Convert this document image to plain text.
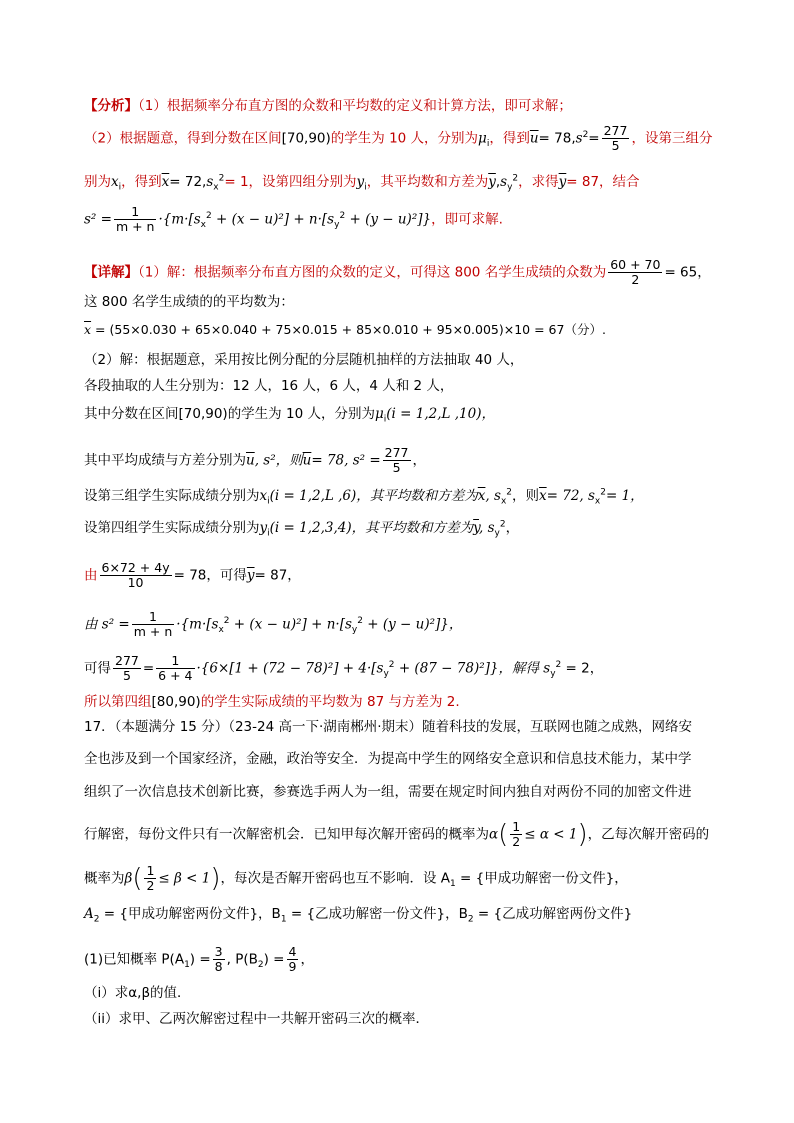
【分析】（1）根据频率分布直方图的众数和平均数的定义和计算方法，即可求解；
（2）根据题意，得到分数在区间[70,90)的学生为 10 人，分别为$\mu_i$，得到$\overline{u}= 78,s^2= \frac{277}{5}$ ，设第三组分
别为$x_i$，得到$\overline{x}= 72,s_x^2= 1$，设第四组分别为$y_i$，其平均数和方差为$\overline{y},s_y^2$，求得$\overline{y}= 87$，结合
$s^2 = \frac{1}{m + n} \cdot\{m\cdot[s_x^2 + (x - u)^2] + n\cdot[s_y^2 + (y - u)^2]\}$，即可求解.
【详解】（1）解：根据频率分布直方图的众数的定义，可得这 800 名学生成绩的众数为 $\frac{60 + 70}{2} = 65$，
这 800 名学生成绩的的平均数为：
$\overline{x} = (55\times 0.030 + 65\times 0.040 + 75\times 0.015 + 85\times 0.010 + 95\times 0.005)\times 10 = 67$（分）.
（2）解：根据题意，采用按比例分配的分层随机抽样的方法抽取 40 人，
各段抽取的人生分别为：12 人，16 人，6 人，4 人和 2 人，
其中分数在区间[70,90)的学生为 10 人，分别为$\mu_i(i = 1,2,L$ ,10)，
其中平均成绩与方差分别为$\overline{u}$, s²，则$\overline{u}= 78$, $s^2 = \frac{277}{5}$ ，
设第三组学生实际成绩分别为$x_i(i = 1,2,L$ ,6)，其平均数和方差为$\overline{x}$, $s_x^2$，则$\overline{x}= 72$, $s_x^2= 1$，
设第四组学生实际成绩分别为$y_i(i = 1,2,3,4)$，其平均数和方差为$\overline{y}$, $s_y^2$，
由 $\frac{6\times 72 + 4y}{10} = 78$，可得$\overline{y}= 87$，
由 $s^2 = \frac{1}{m + n} \cdot\{m\cdot[s_x^2 + (x - u)^2] + n\cdot[s_y^2 + (y - u)^2]\}$，
可得 $\frac{277}{5} = \frac{1}{6 + 4} \cdot\{6\times[1 + (72 - 78)^2] + 4\cdot[s_y^2 + (87 - 78)^2]\}$，解得 $s_y^2 = 2$，
所以第四组[80,90)的学生实际成绩的平均数为 87 与方差为 2.
17．（本题满分 15 分）（23-24 高一下·湖南郴州·期末）随着科技的发展，互联网也随之成熟，网络安
全也涉及到一个国家经济，金融，政治等安全．为提高中学生的网络安全意识和信息技术能力，某中学
组织了一次信息技术创新比赛，参赛选手两人为一组，需要在规定时间内独自对两份不同的加密文件进
行解密，每份文件只有一次解密机会．已知甲每次解开密码的概率为$\alpha( \frac{1}{2} \le \alpha < 1)$，乙每次解开密码的
概率为$\beta( \frac{1}{2} \le \beta < 1)$，每次是否解开密码也互不影响．设 $A_1$ = {甲成功解密一份文件}，
$A_2$ = {甲成功解密两份文件}，$B_1$ = {乙成功解密一份文件}，$B_2$ = {乙成功解密两份文件}
(1)已知概率 $P(A_1) = \frac{3}{8}$ , $P(B_2) = \frac{4}{9}$ ，
（i）求α,β的值．
（ii）求甲、乙两次解密过程中一共解开密码三次的概率．
